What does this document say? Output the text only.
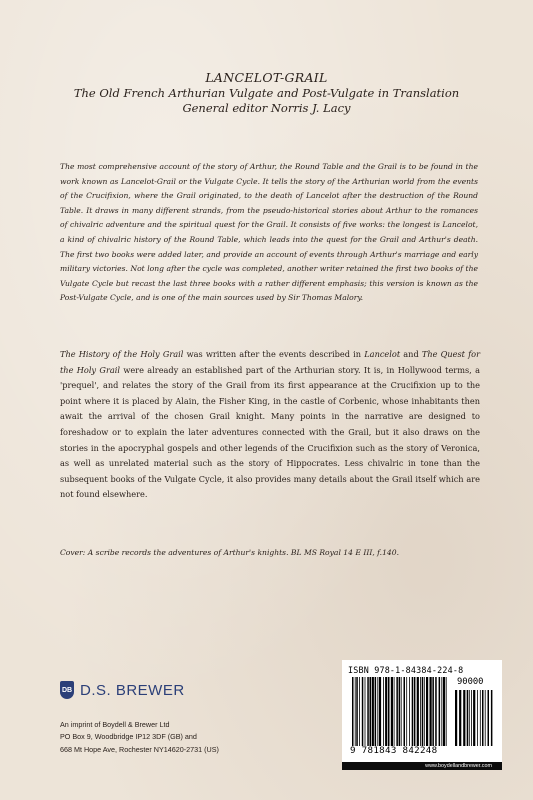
LANCELOT-GRAIL
The Old French Arthurian Vulgate and Post-Vulgate in Translation
General editor Norris J. Lacy
The most comprehensive account of the story of Arthur, the Round Table and the Grail is to be found in the work known as Lancelot-Grail or the Vulgate Cycle. It tells the story of the Arthurian world from the events of the Crucifixion, where the Grail originated, to the death of Lancelot after the destruction of the Round Table. It draws in many different strands, from the pseudo-historical stories about Arthur to the romances of chivalric adventure and the spiritual quest for the Grail. It consists of five works: the longest is Lancelot, a kind of chivalric history of the Round Table, which leads into the quest for the Grail and Arthur's death. The first two books were added later, and provide an account of events through Arthur's marriage and early military victories. Not long after the cycle was completed, another writer retained the first two books of the Vulgate Cycle but recast the last three books with a rather different emphasis; this version is known as the Post-Vulgate Cycle, and is one of the main sources used by Sir Thomas Malory.
The History of the Holy Grail was written after the events described in Lancelot and The Quest for the Holy Grail were already an established part of the Arthurian story. It is, in Hollywood terms, a 'prequel', and relates the story of the Grail from its first appearance at the Crucifixion up to the point where it is placed by Alain, the Fisher King, in the castle of Corbenic, whose inhabitants then await the arrival of the chosen Grail knight. Many points in the narrative are designed to foreshadow or to explain the later adventures connected with the Grail, but it also draws on the stories in the apocryphal gospels and other legends of the Crucifixion such as the story of Veronica, as well as unrelated material such as the story of Hippocrates. Less chivalric in tone than the subsequent books of the Vulgate Cycle, it also provides many details about the Grail itself which are not found elsewhere.
Cover: A scribe records the adventures of Arthur's knights. BL MS Royal 14 E III, f.140.
DB D.S. BREWER
An imprint of Boydell & Brewer Ltd
PO Box 9, Woodbridge IP12 3DF (GB) and
668 Mt Hope Ave, Rochester NY14620-2731 (US)
ISBN 978-1-84384-224-8
90000
9 781843 842248
www.boydellandbrewer.com
